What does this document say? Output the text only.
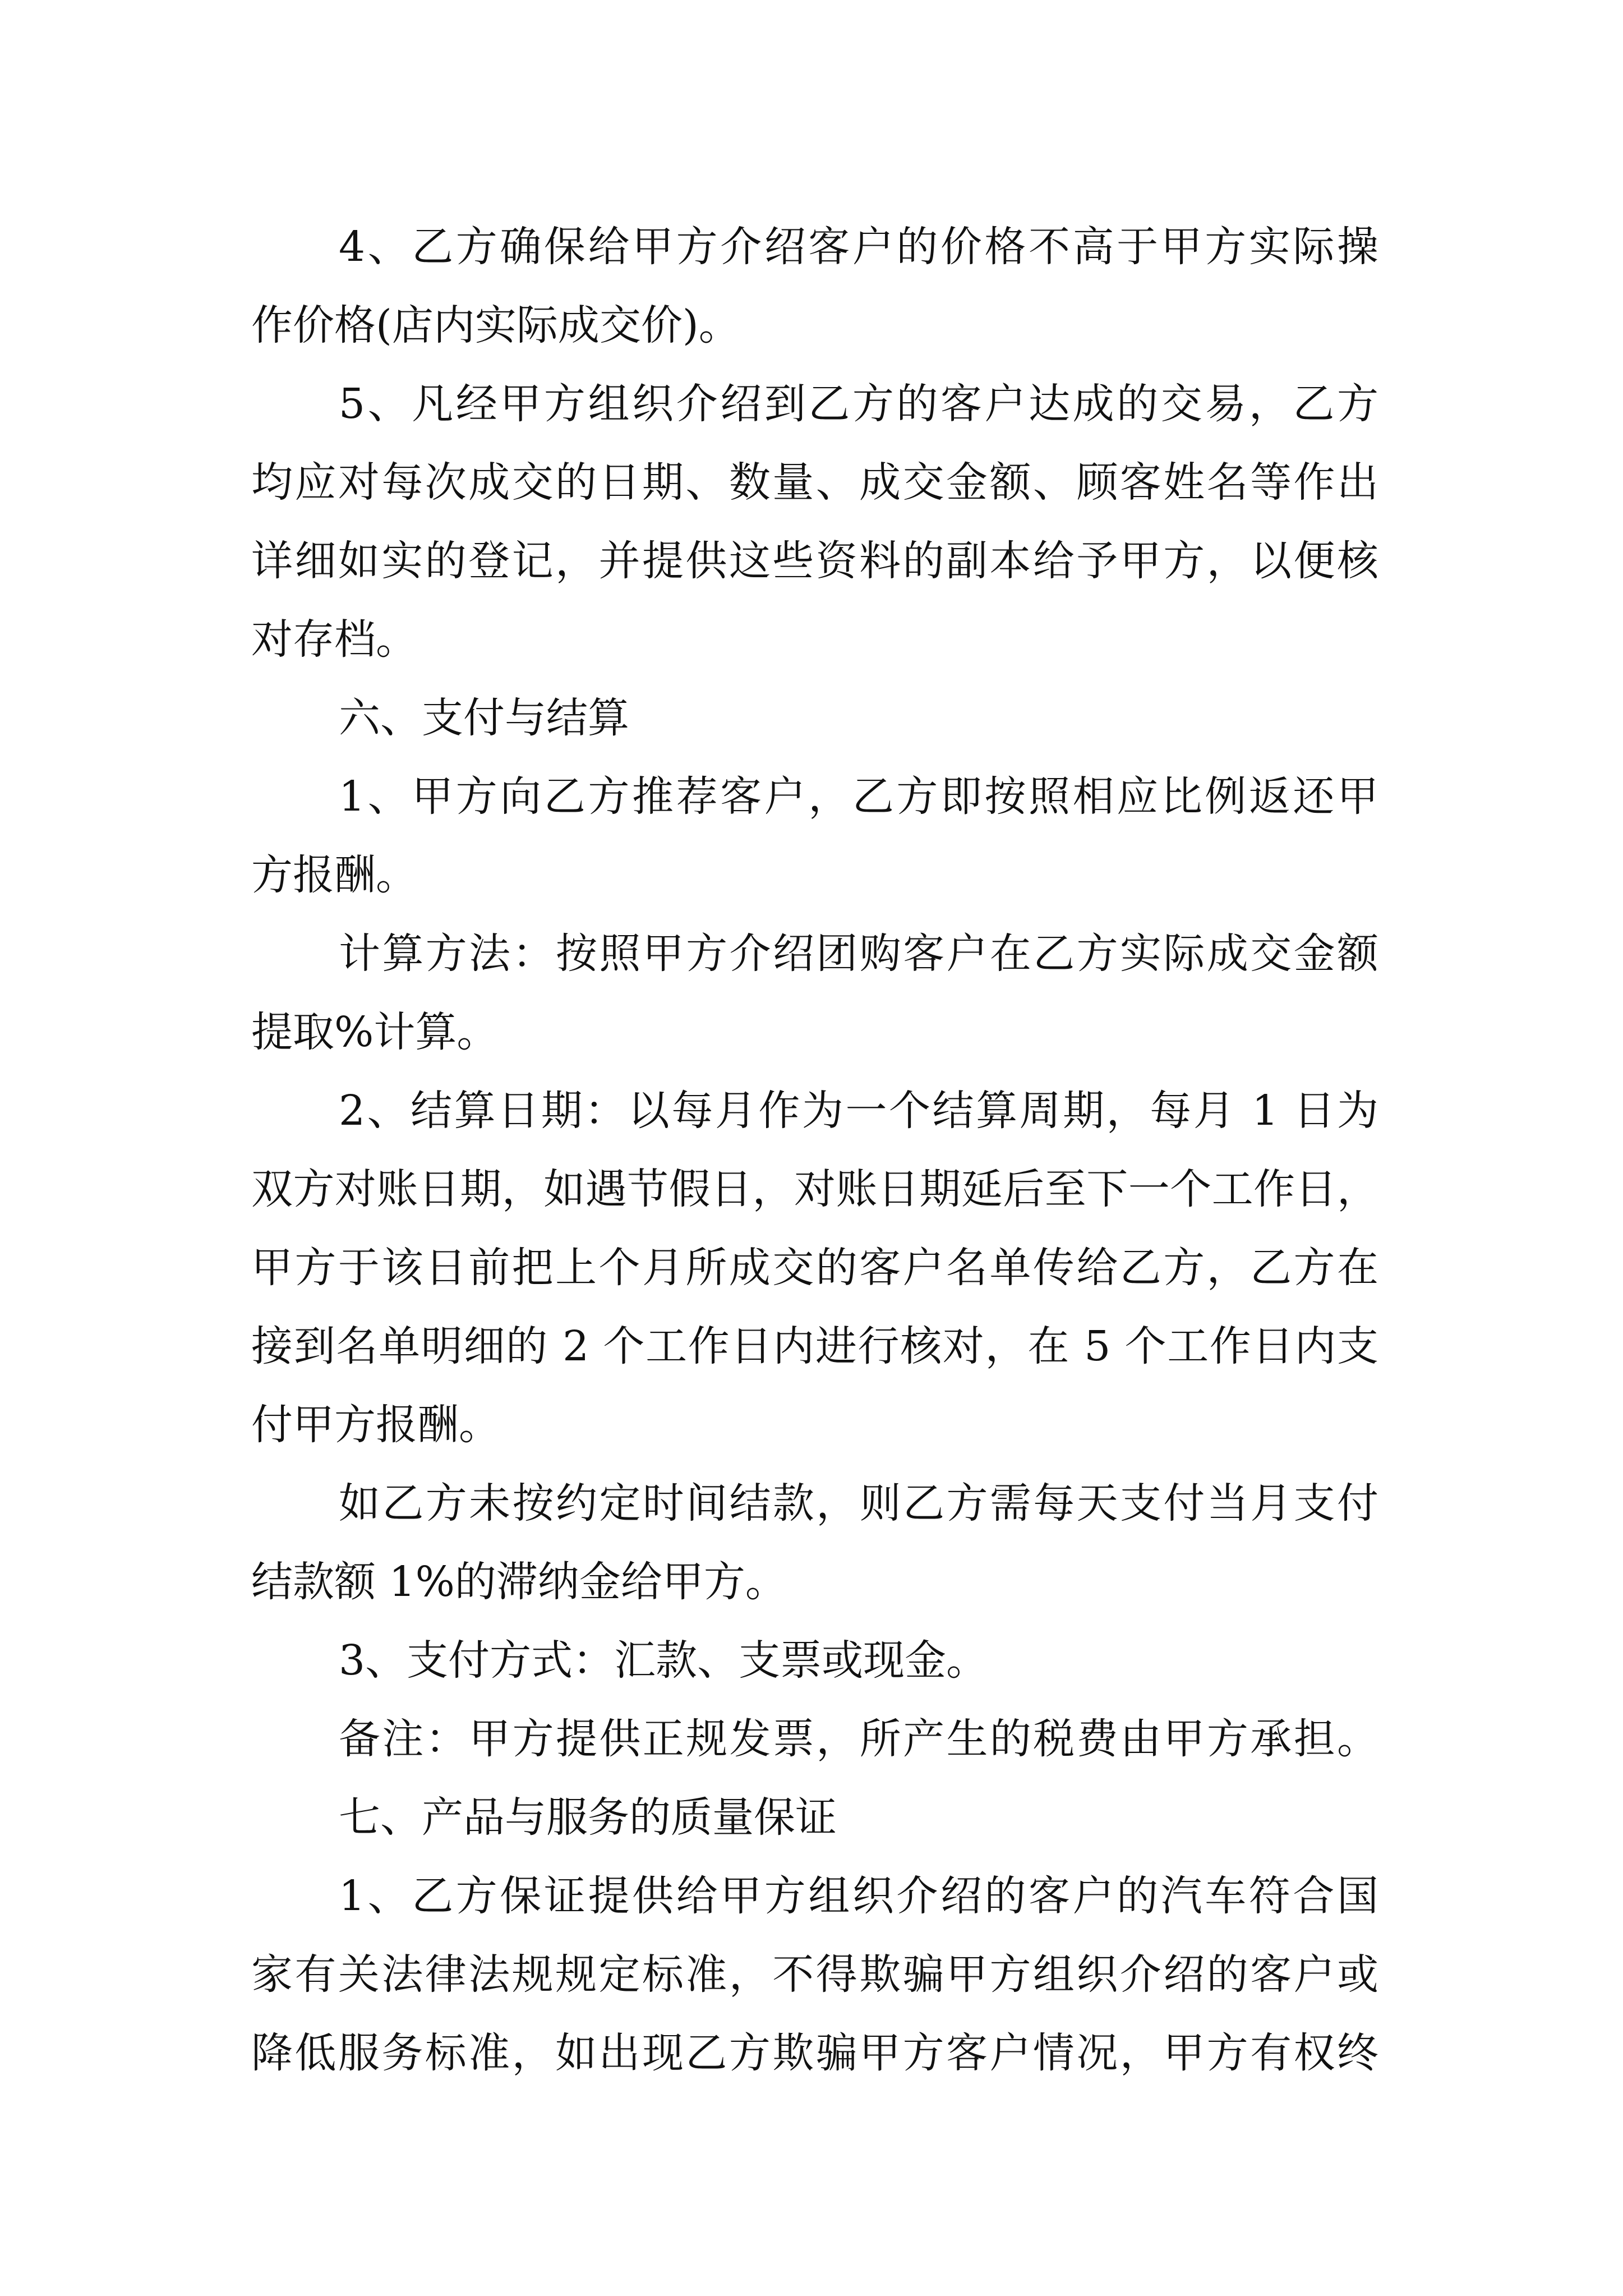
4、乙方确保给甲方介绍客户的价格不高于甲方实际操
作价格(店内实际成交价)。
5、凡经甲方组织介绍到乙方的客户达成的交易，乙方
均应对每次成交的日期、数量、成交金额、顾客姓名等作出
详细如实的登记，并提供这些资料的副本给予甲方，以便核
对存档。
六、支付与结算
1、甲方向乙方推荐客户，乙方即按照相应比例返还甲
方报酬。
计算方法：按照甲方介绍团购客户在乙方实际成交金额
提取%计算。
2、结算日期：以每月作为一个结算周期，每月 1 日为
双方对账日期，如遇节假日，对账日期延后至下一个工作日，
甲方于该日前把上个月所成交的客户名单传给乙方，乙方在
接到名单明细的 2 个工作日内进行核对，在 5 个工作日内支
付甲方报酬。
如乙方未按约定时间结款，则乙方需每天支付当月支付
结款额 1%的滞纳金给甲方。
3、支付方式：汇款、支票或现金。
备注：甲方提供正规发票，所产生的税费由甲方承担。
七、产品与服务的质量保证
1、乙方保证提供给甲方组织介绍的客户的汽车符合国
家有关法律法规规定标准，不得欺骗甲方组织介绍的客户或
降低服务标准，如出现乙方欺骗甲方客户情况，甲方有权终
